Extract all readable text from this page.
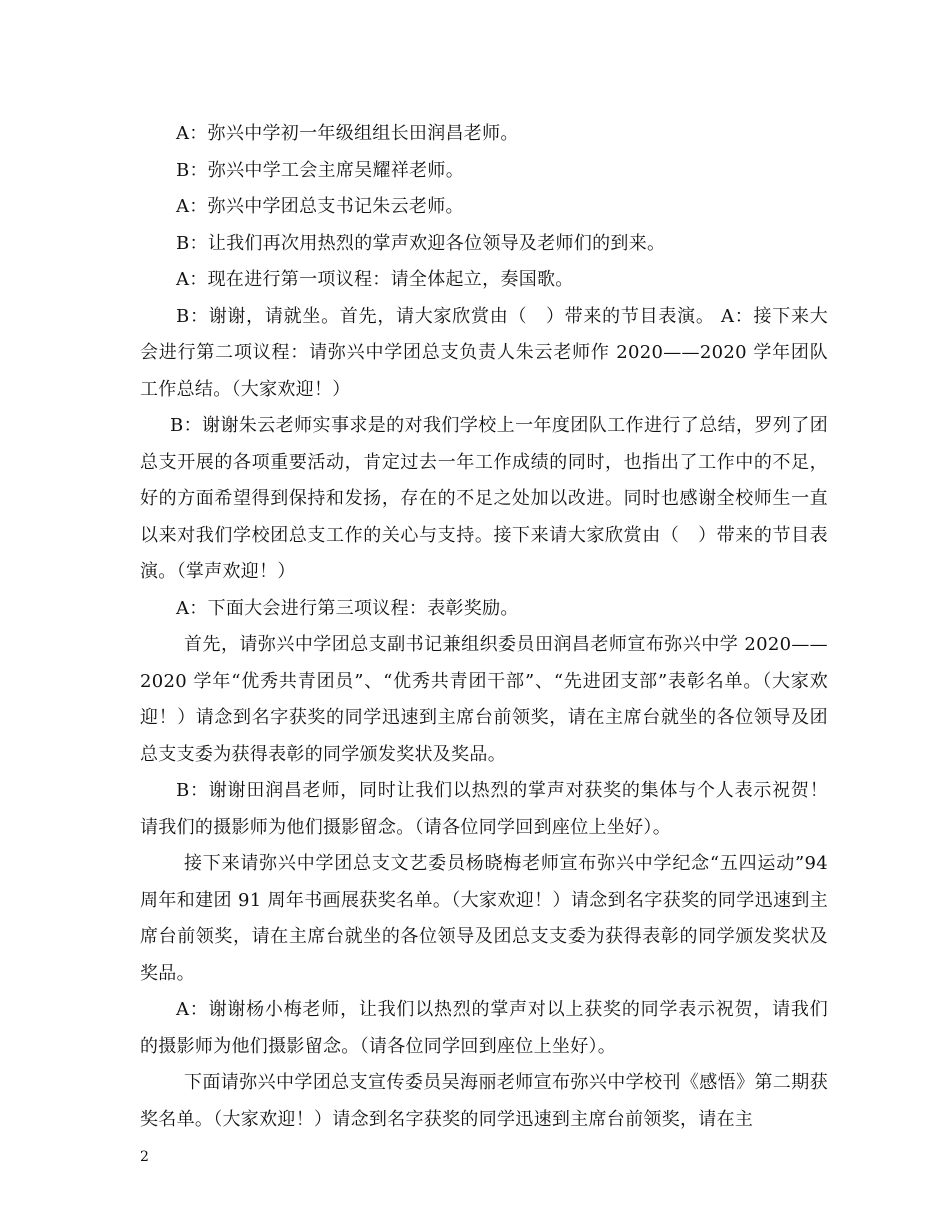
A：弥兴中学初一年级组组长田润昌老师。

B：弥兴中学工会主席吴耀祥老师。

A：弥兴中学团总支书记朱云老师。

B：让我们再次用热烈的掌声欢迎各位领导及老师们的到来。

A：现在进行第一项议程：请全体起立，奏国歌。

B：谢谢，请就坐。首先，请大家欣赏由（　）带来的节目表演。 A：接下来大会进行第二项议程：请弥兴中学团总支负责人朱云老师作 2020——2020 学年团队工作总结。（大家欢迎！）

B：谢谢朱云老师实事求是的对我们学校上一年度团队工作进行了总结，罗列了团总支开展的各项重要活动，肯定过去一年工作成绩的同时，也指出了工作中的不足，好的方面希望得到保持和发扬，存在的不足之处加以改进。同时也感谢全校师生一直以来对我们学校团总支工作的关心与支持。接下来请大家欣赏由（　）带来的节目表演。（掌声欢迎！）

A：下面大会进行第三项议程：表彰奖励。

首先，请弥兴中学团总支副书记兼组织委员田润昌老师宣布弥兴中学 2020——2020 学年“优秀共青团员”、“优秀共青团干部”、“先进团支部”表彰名单。（大家欢迎！）请念到名字获奖的同学迅速到主席台前领奖，请在主席台就坐的各位领导及团总支支委为获得表彰的同学颁发奖状及奖品。

B：谢谢田润昌老师，同时让我们以热烈的掌声对获奖的集体与个人表示祝贺！请我们的摄影师为他们摄影留念。（请各位同学回到座位上坐好）。

接下来请弥兴中学团总支文艺委员杨晓梅老师宣布弥兴中学纪念“五四运动”94 周年和建团 91 周年书画展获奖名单。（大家欢迎！）请念到名字获奖的同学迅速到主席台前领奖，请在主席台就坐的各位领导及团总支支委为获得表彰的同学颁发奖状及奖品。

A：谢谢杨小梅老师，让我们以热烈的掌声对以上获奖的同学表示祝贺，请我们的摄影师为他们摄影留念。（请各位同学回到座位上坐好）。

下面请弥兴中学团总支宣传委员吴海丽老师宣布弥兴中学校刊《感悟》第二期获奖名单。（大家欢迎！）请念到名字获奖的同学迅速到主席台前领奖，请在主

2
